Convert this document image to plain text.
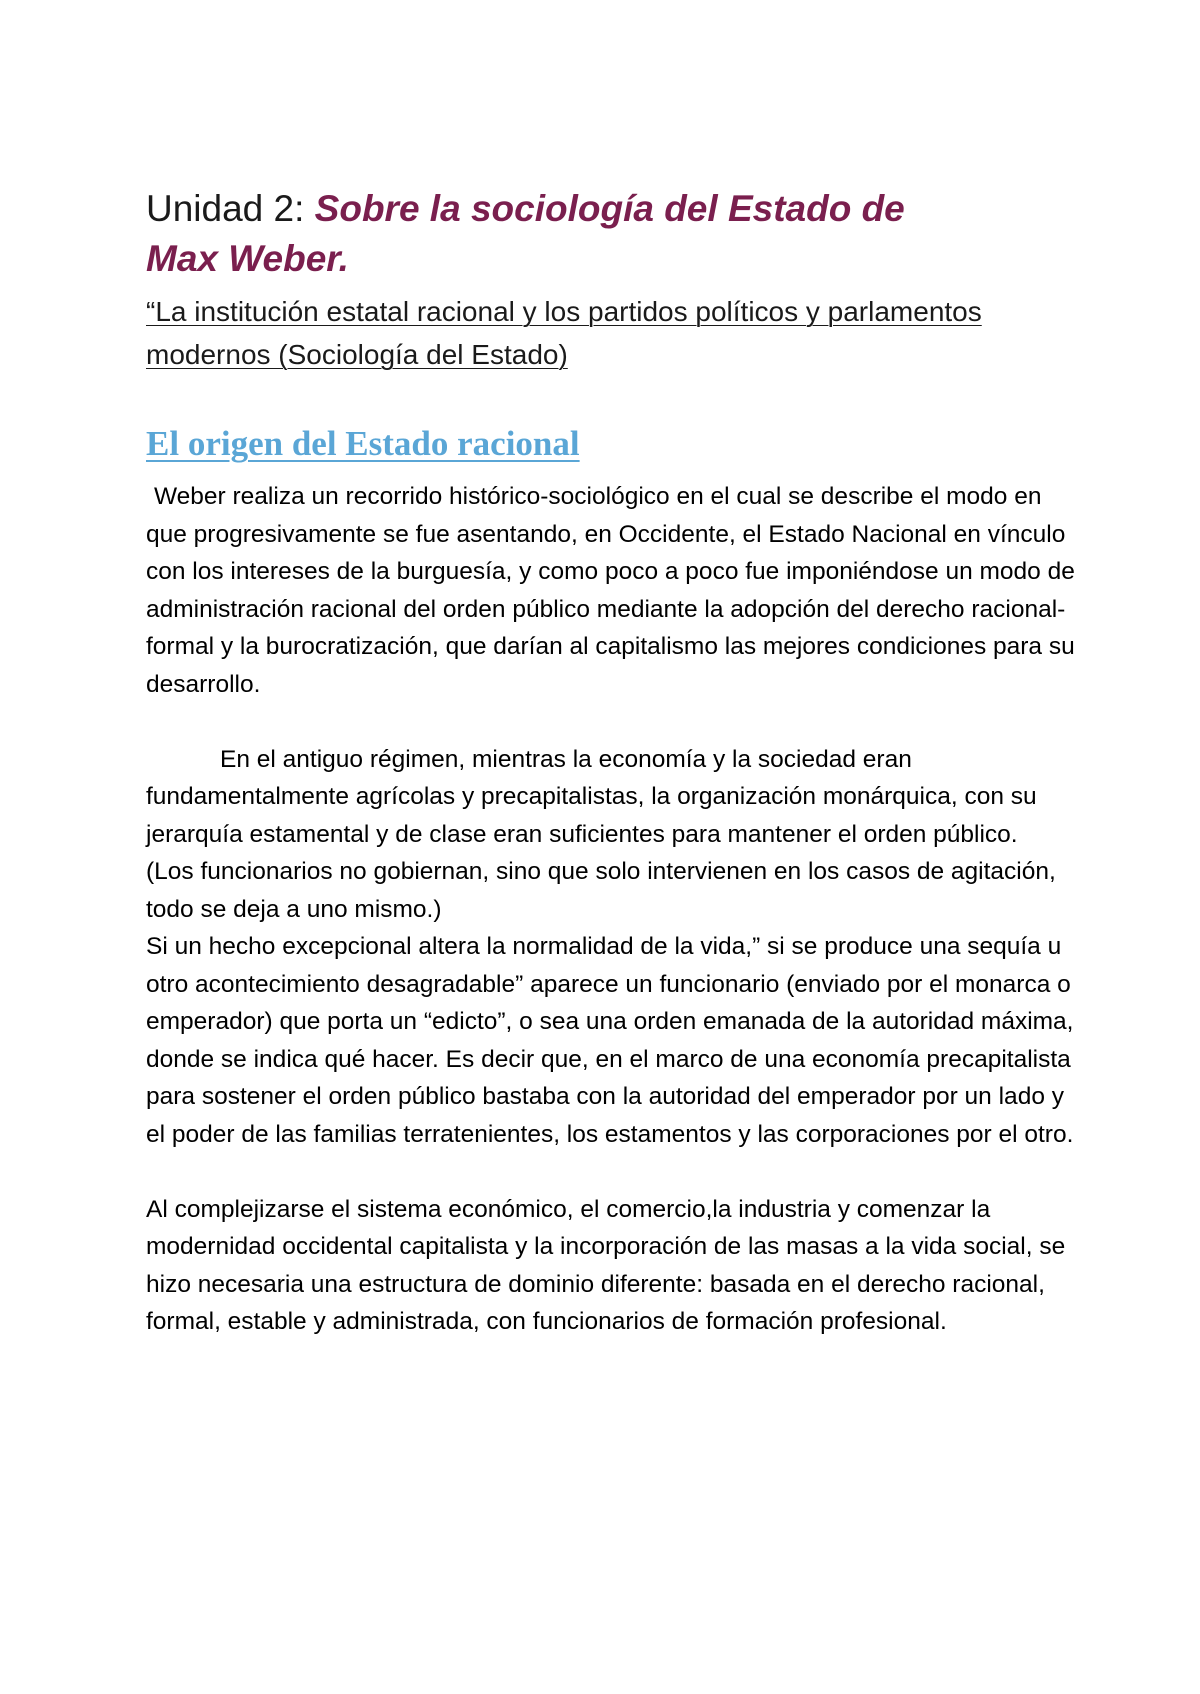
Unidad 2: Sobre la sociología del Estado de
Max Weber.

“La institución estatal racional y los partidos políticos y parlamentos modernos (Sociología del Estado)

El origen del Estado racional

Weber realiza un recorrido histórico-sociológico en el cual se describe el modo en que progresivamente se fue asentando, en Occidente, el Estado Nacional en vínculo con los intereses de la burguesía, y como poco a poco fue imponiéndose un modo de administración racional del orden público mediante la adopción del derecho racional-formal y la burocratización, que darían al capitalismo las mejores condiciones para su desarrollo.

En el antiguo régimen, mientras la economía y la sociedad eran fundamentalmente agrícolas y precapitalistas, la organización monárquica, con su jerarquía estamental y de clase eran suficientes para mantener el orden público.

(Los funcionarios no gobiernan, sino que solo intervienen en los casos de agitación, todo se deja a uno mismo.)

Si un hecho excepcional altera la normalidad de la vida,” si se produce una sequía u otro acontecimiento desagradable” aparece un funcionario (enviado por el monarca o emperador) que porta un “edicto”, o sea una orden emanada de la autoridad máxima, donde se indica qué hacer. Es decir que, en el marco de una economía precapitalista para sostener el orden público bastaba con la autoridad del emperador por un lado y el poder de las familias terratenientes, los estamentos y las corporaciones por el otro.

Al complejizarse el sistema económico, el comercio,la industria y comenzar la modernidad occidental capitalista y la incorporación de las masas a la vida social, se hizo necesaria una estructura de dominio diferente: basada en el derecho racional, formal, estable y administrada, con funcionarios de formación profesional.
